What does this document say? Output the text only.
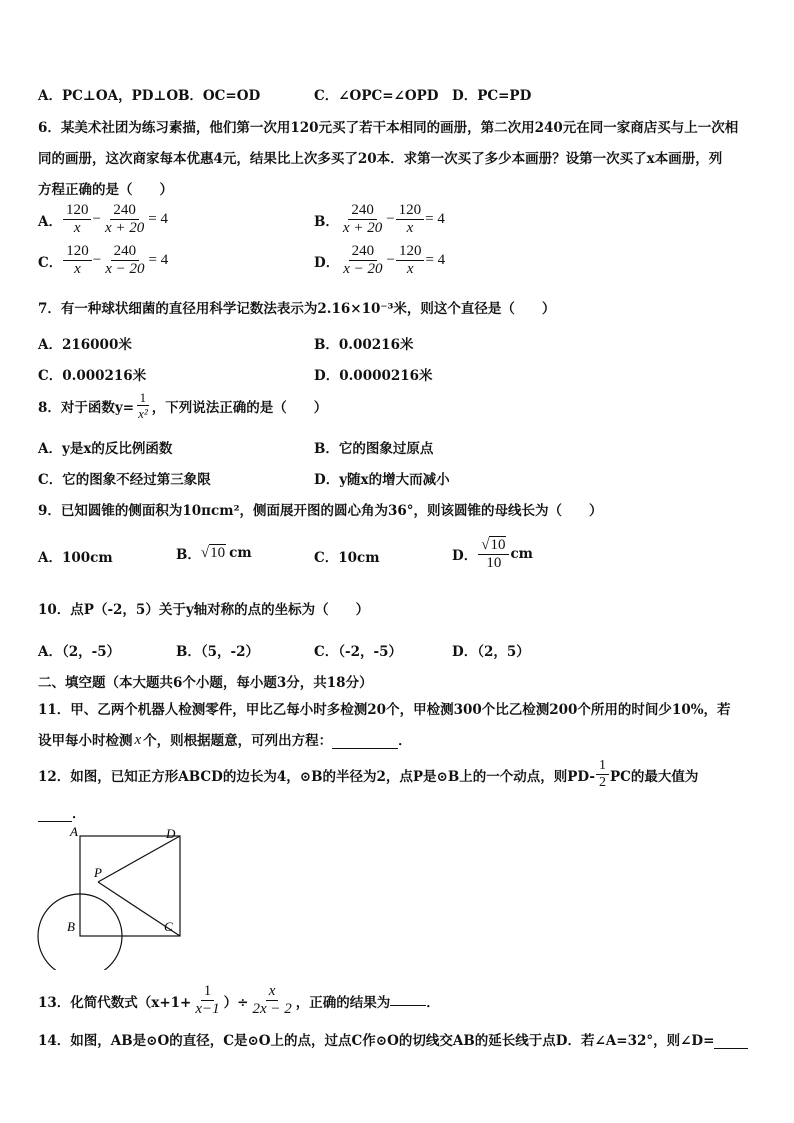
A．PC⊥OA，PD⊥OB
B．OC=OD	C．∠OPC=∠OPD D．PC=PD
6．某美术社团为练习素描，他们第一次用120元买了若干本相同的画册，第二次用240元在同一家商店买与上一次相
同的画册，这次商家每本优惠4元，结果比上次多买了20本．求第一次买了多少本画册？设第一次买了x本画册，列
方程正确的是（　　）
A． $\frac{120}{x} - \frac{240}{x + 20} = 4$	B． $\frac{240}{x + 20} - \frac{120}{x} = 4$
C． $\frac{120}{x} - \frac{240}{x - 20} = 4$	D． $\frac{240}{x - 20} - \frac{120}{x} = 4$
7．有一种球状细菌的直径用科学记数法表示为2.16×10⁻³米，则这个直径是（　　）
A．216000米	B．0.00216米
C．0.000216米	D．0.0000216米
8．对于函数$y= \frac{1}{\text{x²}}$ ，下列说法正确的是（　　）
A．y是x的反比例函数	B．它的图象过原点
C．它的图象不经过第三象限	D．y随x的增大而减小
9．已知圆锥的侧面积为10πcm²，侧面展开图的圆心角为36°，则该圆锥的母线长为（　　）
A．100cm	B． √ 10 cm	C．10cm	D． $\frac{√ 10}{10}$ cm
10．点P（-2，5）关于y轴对称的点的坐标为（　　）
A．（2，-5）	B．（5，-2）	C．（-2，-5）	D．（2，5）
二、填空题（本大题共6个小题，每小题3分，共18分）
11．甲、乙两个机器人检测零件，甲比乙每小时多检测20个，甲检测300个比乙检测200个所用的时间少10%，若
设甲每小时检测 x 个，则根据题意，可列出方程：	．
12．如图，已知正方形ABCD的边长为4，⊙B的半径为2，点P是⊙B上的一个动点，则$PD- \frac{1}{2}$ PC的最大值为
．
A	D
P
B	C
13．化简代数式（$x+1+ \frac{1}{x-1}$ ）÷ $\frac{x}{2x - 2}$ ，正确的结果为	．
14．如图，AB是⊙O的直径，C是⊙O上的点，过点C作⊙O的切线交AB的延长线于点D．若∠A=32°，则∠D=
